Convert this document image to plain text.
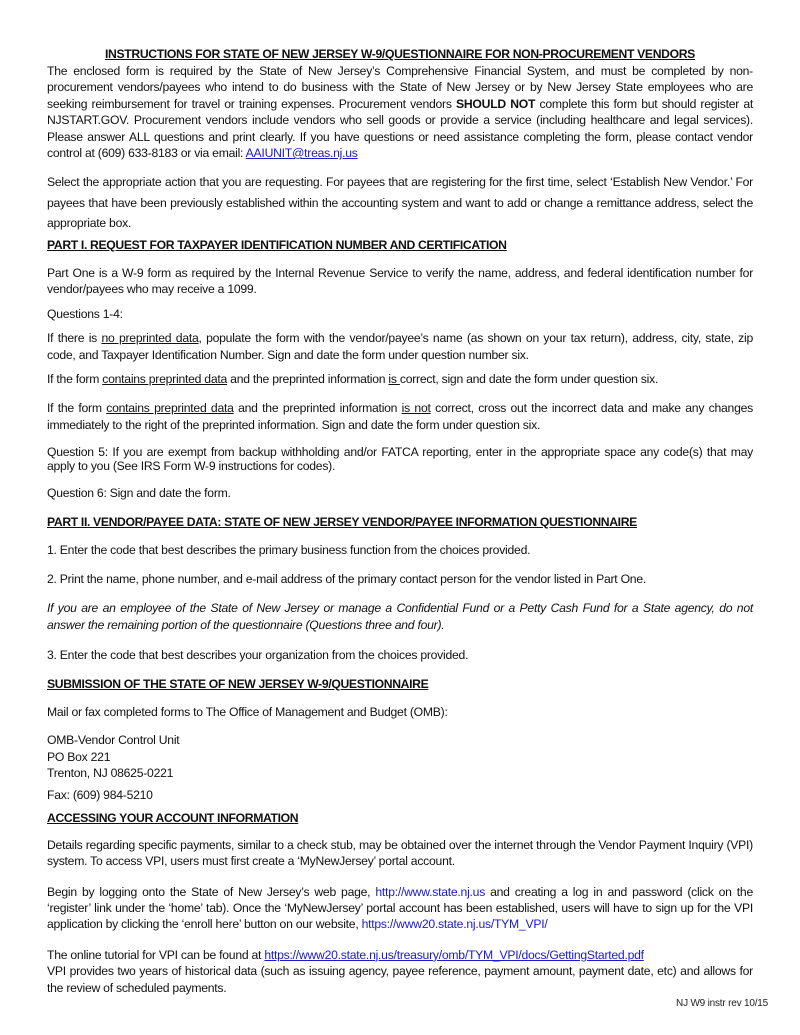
INSTRUCTIONS FOR STATE OF NEW JERSEY W-9/QUESTIONNAIRE FOR NON-PROCUREMENT VENDORS

The enclosed form is required by the State of New Jersey’s Comprehensive Financial System, and must be completed by non-procurement vendors/payees who intend to do business with the State of New Jersey or by New Jersey State employees who are seeking reimbursement for travel or training expenses. Procurement vendors SHOULD NOT complete this form but should register at NJSTART.GOV. Procurement vendors include vendors who sell goods or provide a service (including healthcare and legal services). Please answer ALL questions and print clearly. If you have questions or need assistance completing the form, please contact vendor control at (609) 633-8183 or via email: AAIUNIT@treas.nj.us

Select the appropriate action that you are requesting. For payees that are registering for the first time, select ‘Establish New Vendor.’ For payees that have been previously established within the accounting system and want to add or change a remittance address, select the appropriate box.

PART I. REQUEST FOR TAXPAYER IDENTIFICATION NUMBER AND CERTIFICATION

Part One is a W-9 form as required by the Internal Revenue Service to verify the name, address, and federal identification number for vendor/payees who may receive a 1099.

Questions 1-4:

If there is no preprinted data, populate the form with the vendor/payee’s name (as shown on your tax return), address, city, state, zip code, and Taxpayer Identification Number. Sign and date the form under question number six.

If the form contains preprinted data and the preprinted information is correct, sign and date the form under question six.

If the form contains preprinted data and the preprinted information is not correct, cross out the incorrect data and make any changes immediately to the right of the preprinted information. Sign and date the form under question six.

Question 5: If you are exempt from backup withholding and/or FATCA reporting, enter in the appropriate space any code(s) that may apply to you (See IRS Form W-9 instructions for codes).

Question 6: Sign and date the form.

PART II. VENDOR/PAYEE DATA: STATE OF NEW JERSEY VENDOR/PAYEE INFORMATION QUESTIONNAIRE

1. Enter the code that best describes the primary business function from the choices provided.

2. Print the name, phone number, and e-mail address of the primary contact person for the vendor listed in Part One.

If you are an employee of the State of New Jersey or manage a Confidential Fund or a Petty Cash Fund for a State agency, do not answer the remaining portion of the questionnaire (Questions three and four).

3. Enter the code that best describes your organization from the choices provided.

SUBMISSION OF THE STATE OF NEW JERSEY W-9/QUESTIONNAIRE

Mail or fax completed forms to The Office of Management and Budget (OMB):

OMB-Vendor Control Unit

PO Box 221

Trenton, NJ 08625-0221

Fax: (609) 984-5210

ACCESSING YOUR ACCOUNT INFORMATION

Details regarding specific payments, similar to a check stub, may be obtained over the internet through the Vendor Payment Inquiry (VPI) system. To access VPI, users must first create a ‘MyNewJersey’ portal account.

Begin by logging onto the State of New Jersey’s web page, http://www.state.nj.us and creating a log in and password (click on the ‘register’ link under the ‘home’ tab). Once the ‘MyNewJersey’ portal account has been established, users will have to sign up for the VPI application by clicking the ‘enroll here’ button on our website, https://www20.state.nj.us/TYM_VPI/

The online tutorial for VPI can be found at https://www20.state.nj.us/treasury/omb/TYM_VPI/docs/GettingStarted.pdf

VPI provides two years of historical data (such as issuing agency, payee reference, payment amount, payment date, etc) and allows for the review of scheduled payments.

NJ W9 instr rev 10/15
